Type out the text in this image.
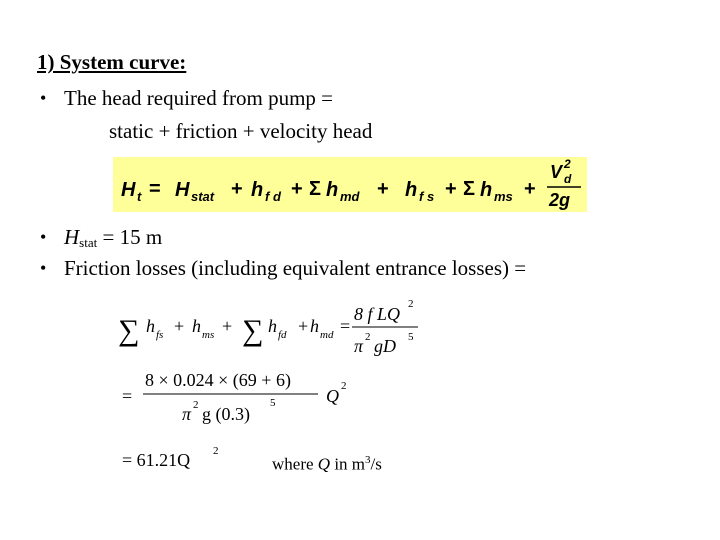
1) System curve:
• The head required from pump =
static + friction + velocity head
H t = H stat + h f d + Σ h md + h f s + Σ h ms +
V 2
d
2g
• $H_{stat} = 15$ m
• Friction losses (including equivalent entrance losses) =
∑ h fs + h ms + ∑ h fd + h md =
8 f LQ 2
π 2 gD 5
=
8 × 0.024 × (69 + 6)
π 2 g (0.3)
5	Q 2
= 61.21Q 2
where Q in $m^3/s$
